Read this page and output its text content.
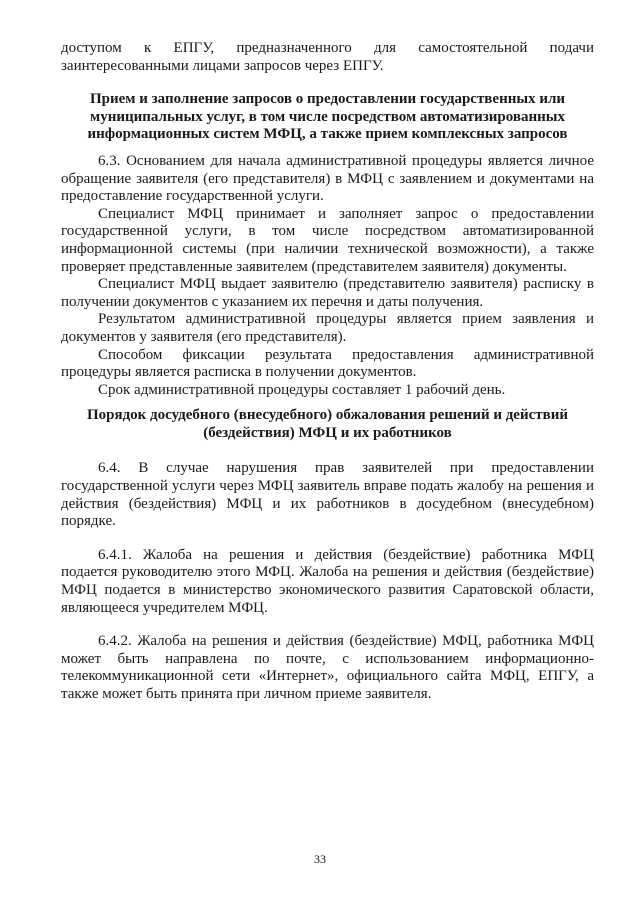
доступом к ЕПГУ, предназначенного для самостоятельной подачи заинтересованными лицами запросов через ЕПГУ.

Прием и заполнение запросов о предоставлении государственных или муниципальных услуг, в том числе посредством автоматизированных информационных систем МФЦ, а также прием комплексных запросов

6.3. Основанием для начала административной процедуры является личное обращение заявителя (его представителя) в МФЦ с заявлением и документами на предоставление государственной услуги.

Специалист МФЦ принимает и заполняет запрос о предоставлении государственной услуги, в том числе посредством автоматизированной информационной системы (при наличии технической возможности), а также проверяет представленные заявителем (представителем заявителя) документы.

Специалист МФЦ выдает заявителю (представителю заявителя) расписку в получении документов с указанием их перечня и даты получения.

Результатом административной процедуры является прием заявления и документов у заявителя (его представителя).

Способом фиксации результата предоставления административной процедуры является расписка в получении документов.

Срок административной процедуры составляет 1 рабочий день.

Порядок досудебного (внесудебного) обжалования решений и действий (бездействия) МФЦ и их работников

6.4. В случае нарушения прав заявителей при предоставлении государственной услуги через МФЦ заявитель вправе подать жалобу на решения и действия (бездействия) МФЦ и их работников в досудебном (внесудебном) порядке.

6.4.1. Жалоба на решения и действия (бездействие) работника МФЦ подается руководителю этого МФЦ. Жалоба на решения и действия (бездействие) МФЦ подается в министерство экономического развития Саратовской области, являющееся учредителем МФЦ.

6.4.2. Жалоба на решения и действия (бездействие) МФЦ, работника МФЦ может быть направлена по почте, с использованием информационно-телекоммуникационной сети «Интернет», официального сайта МФЦ, ЕПГУ, а также может быть принята при личном приеме заявителя.

33
